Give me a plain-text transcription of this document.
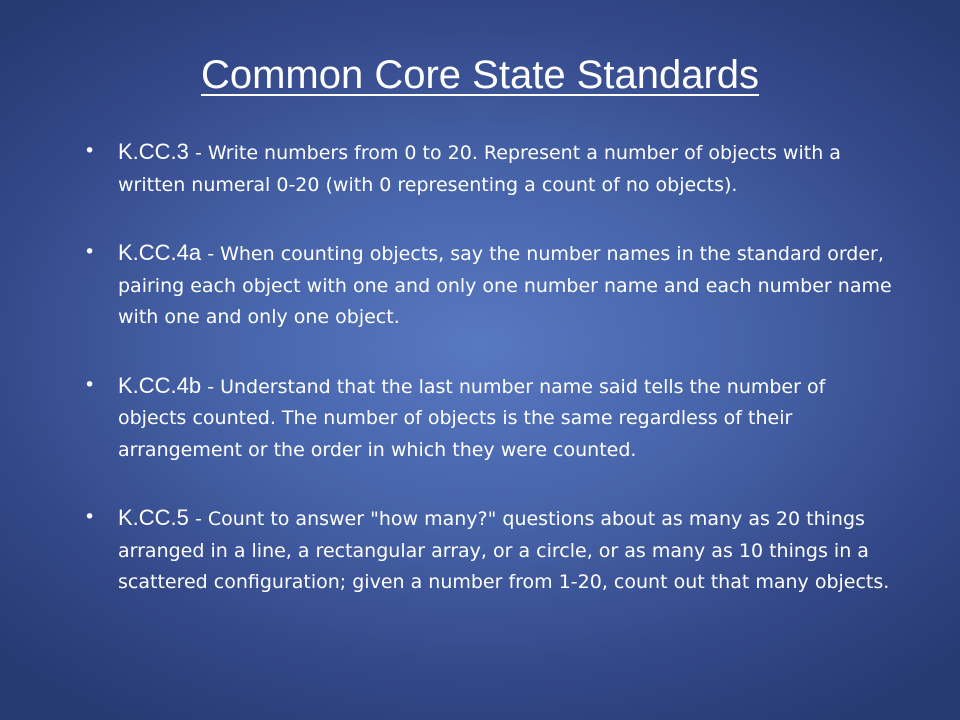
Common Core State Standards
• K.CC.3 - Write numbers from 0 to 20. Represent a number of objects with a written numeral 0-20 (with 0 representing a count of no objects).
• K.CC.4a - When counting objects, say the number names in the standard order, pairing each object with one and only one number name and each number name with one and only one object.
• K.CC.4b - Understand that the last number name said tells the number of objects counted. The number of objects is the same regardless of their arrangement or the order in which they were counted.
• K.CC.5 - Count to answer "how many?" questions about as many as 20 things arranged in a line, a rectangular array, or a circle, or as many as 10 things in a scattered configuration; given a number from 1-20, count out that many objects.
